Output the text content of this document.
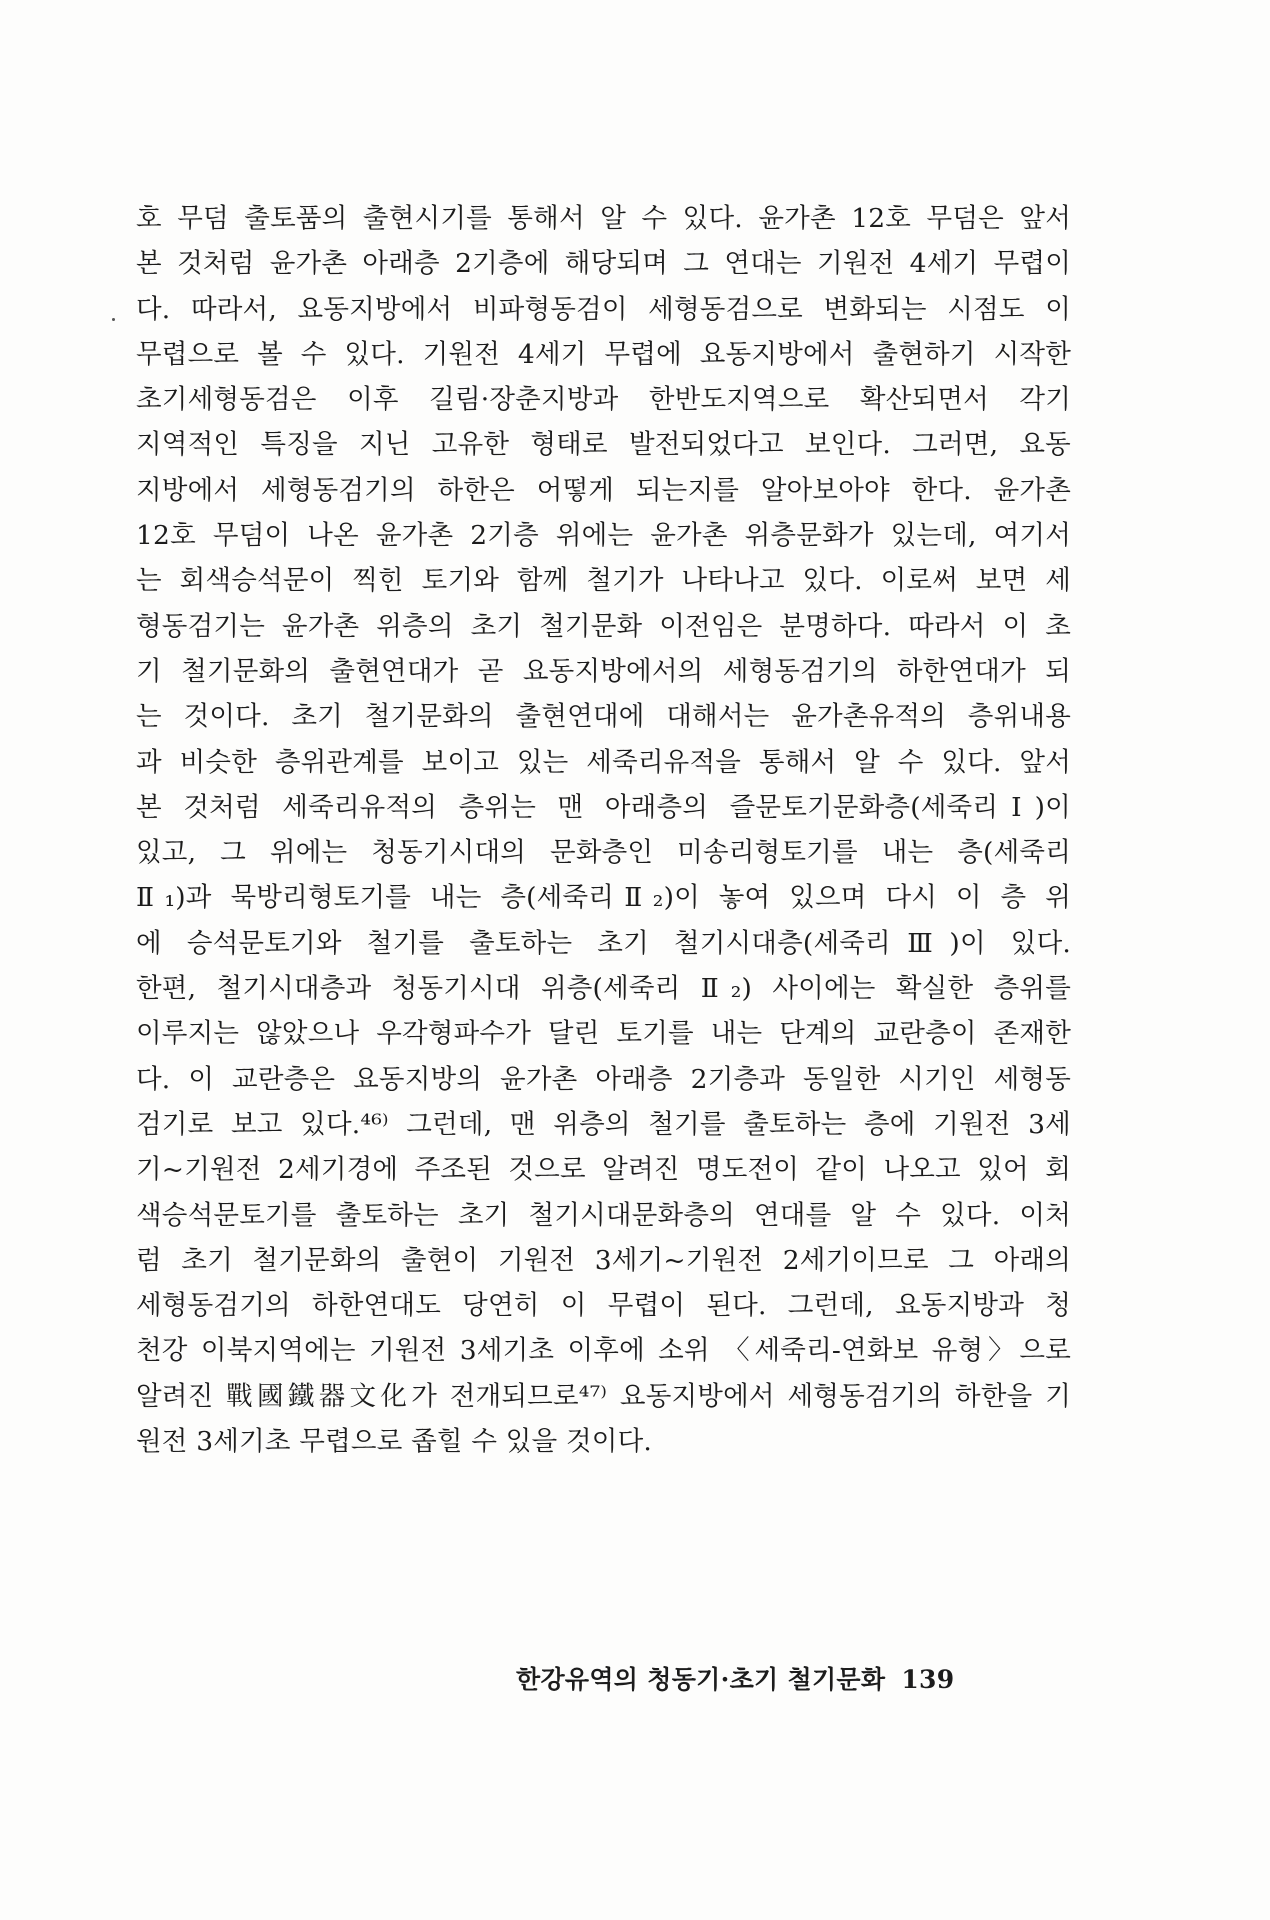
호 무덤 출토품의 출현시기를 통해서 알 수 있다. 윤가촌 12호 무덤은 앞서
본 것처럼 윤가촌 아래층 2기층에 해당되며 그 연대는 기원전 4세기 무렵이
다. 따라서, 요동지방에서 비파형동검이 세형동검으로 변화되는 시점도 이
무렵으로 볼 수 있다. 기원전 4세기 무렵에 요동지방에서 출현하기 시작한
초기세형동검은 이후 길림·장춘지방과 한반도지역으로 확산되면서 각기
지역적인 특징을 지닌 고유한 형태로 발전되었다고 보인다. 그러면, 요동
지방에서 세형동검기의 하한은 어떻게 되는지를 알아보아야 한다. 윤가촌
12호 무덤이 나온 윤가촌 2기층 위에는 윤가촌 위층문화가 있는데, 여기서
는 회색승석문이 찍힌 토기와 함께 철기가 나타나고 있다. 이로써 보면 세
형동검기는 윤가촌 위층의 초기 철기문화 이전임은 분명하다. 따라서 이 초
기 철기문화의 출현연대가 곧 요동지방에서의 세형동검기의 하한연대가 되
는 것이다. 초기 철기문화의 출현연대에 대해서는 윤가촌유적의 층위내용
과 비슷한 층위관계를 보이고 있는 세죽리유적을 통해서 알 수 있다. 앞서
본 것처럼 세죽리유적의 층위는 맨 아래층의 즐문토기문화층(세죽리Ⅰ)이
있고, 그 위에는 청동기시대의 문화층인 미송리형토기를 내는 층(세죽리
Ⅱ₁)과 묵방리형토기를 내는 층(세죽리Ⅱ₂)이 놓여 있으며 다시 이 층 위
에 승석문토기와 철기를 출토하는 초기 철기시대층(세죽리Ⅲ)이 있다.
한편, 철기시대층과 청동기시대 위층(세죽리 Ⅱ₂) 사이에는 확실한 층위를
이루지는 않았으나 우각형파수가 달린 토기를 내는 단계의 교란층이 존재한
다. 이 교란층은 요동지방의 윤가촌 아래층 2기층과 동일한 시기인 세형동
검기로 보고 있다.⁴⁶⁾ 그런데, 맨 위층의 철기를 출토하는 층에 기원전 3세
기~기원전 2세기경에 주조된 것으로 알려진 명도전이 같이 나오고 있어 회
색승석문토기를 출토하는 초기 철기시대문화층의 연대를 알 수 있다. 이처
럼 초기 철기문화의 출현이 기원전 3세기~기원전 2세기이므로 그 아래의
세형동검기의 하한연대도 당연히 이 무렵이 된다. 그런데, 요동지방과 청
천강 이북지역에는 기원전 3세기초 이후에 소위 〈세죽리-연화보 유형〉으로
알려진 戰國鐵器文化가 전개되므로⁴⁷⁾ 요동지방에서 세형동검기의 하한을 기
원전 3세기초 무렵으로 좁힐 수 있을 것이다.
한강유역의 청동기·초기 철기문화 139
